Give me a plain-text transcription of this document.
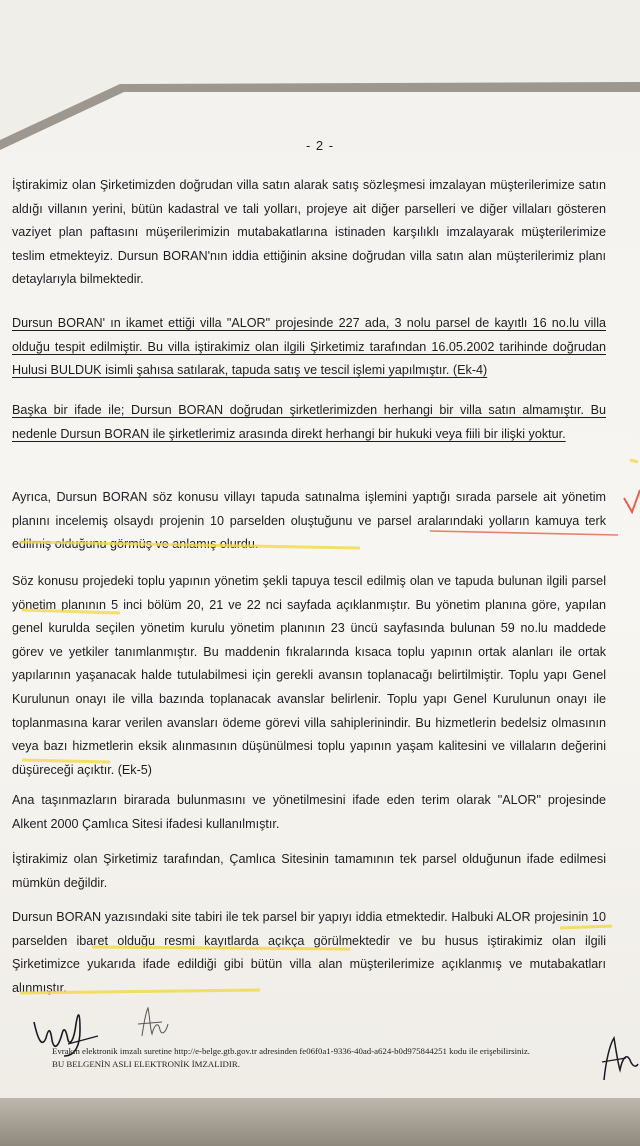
- 2 -
İştirakimiz olan Şirketimizden doğrudan villa satın alarak satış sözleşmesi imzalayan müşterilerimize satın aldığı villanın yerini, bütün kadastral ve tali yolları, projeye ait diğer parselleri ve diğer villaları gösteren vaziyet plan paftasını müşerilerimizin mutabakatlarına istinaden karşılıklı imzalayarak müşterilerimize teslim etmekteyiz. Dursun BORAN'nın iddia ettiğinin aksine doğrudan villa satın alan müşterilerimiz planı detaylarıyla bilmektedir.
Dursun BORAN' ın ikamet ettiği villa "ALOR" projesinde 227 ada, 3 nolu parsel de kayıtlı 16 no.lu villa olduğu tespit edilmiştir. Bu villa iştirakimiz olan ilgili Şirketimiz tarafından 16.05.2002 tarihinde doğrudan Hulusi BULDUK isimli şahısa satılarak, tapuda satış ve tescil işlemi yapılmıştır. (Ek-4)
Başka bir ifade ile; Dursun BORAN doğrudan şirketlerimizden herhangi bir villa satın almamıştır. Bu nedenle Dursun BORAN ile şirketlerimiz arasında direkt herhangi bir hukuki veya fiili bir ilişki yoktur.
Ayrıca, Dursun BORAN söz konusu villayı tapuda satınalma işlemini yaptığı sırada parsele ait yönetim planını incelemiş olsaydı projenin 10 parselden oluştuğunu ve parsel aralarındaki yolların kamuya terk edilmiş olduğunu görmüş ve anlamış olurdu.
Söz konusu projedeki toplu yapının yönetim şekli tapuya tescil edilmiş olan ve tapuda bulunan ilgili parsel yönetim planının 5 inci bölüm 20, 21 ve 22 nci sayfada açıklanmıştır. Bu yönetim planına göre, yapılan genel kurulda seçilen yönetim kurulu yönetim planının 23 üncü sayfasında bulunan 59 no.lu maddede görev ve yetkiler tanımlanmıştır. Bu maddenin fıkralarında kısaca toplu yapının ortak alanları ile ortak yapılarının yaşanacak halde tutulabilmesi için gerekli avansın toplanacağı belirtilmiştir. Toplu yapı Genel Kurulunun onayı ile villa bazında toplanacak avanslar belirlenir. Toplu yapı Genel Kurulunun onayı ile toplanmasına karar verilen avansları ödeme görevi villa sahiplerinindir. Bu hizmetlerin bedelsiz olmasının veya bazı hizmetlerin eksik alınmasının düşünülmesi toplu yapının yaşam kalitesini ve villaların değerini düşüreceği açıktır. (Ek-5)
Ana taşınmazların birarada bulunmasını ve yönetilmesini ifade eden terim olarak "ALOR" projesinde Alkent 2000 Çamlıca Sitesi ifadesi kullanılmıştır.
İştirakimiz olan Şirketimiz tarafından, Çamlıca Sitesinin tamamının tek parsel olduğunun ifade edilmesi mümkün değildir.
Dursun BORAN yazısındaki site tabiri ile tek parsel bir yapıyı iddia etmektedir. Halbuki ALOR projesinin 10 parselden ibaret olduğu resmi kayıtlarda açıkça görülmektedir ve bu husus iştirakimiz olan ilgili Şirketimizce yukarıda ifade edildiği gibi bütün villa alan müşterilerimize açıklanmış ve mutabakatları alınmıştır.
Evrakın elektronik imzalı suretine http://e-belge.gtb.gov.tr adresinden fe06f0a1-9336-40ad-a624-b0d975844251 kodu ile erişebilirsiniz.
BU BELGENİN ASLI ELEKTRONİK İMZALIDIR.
